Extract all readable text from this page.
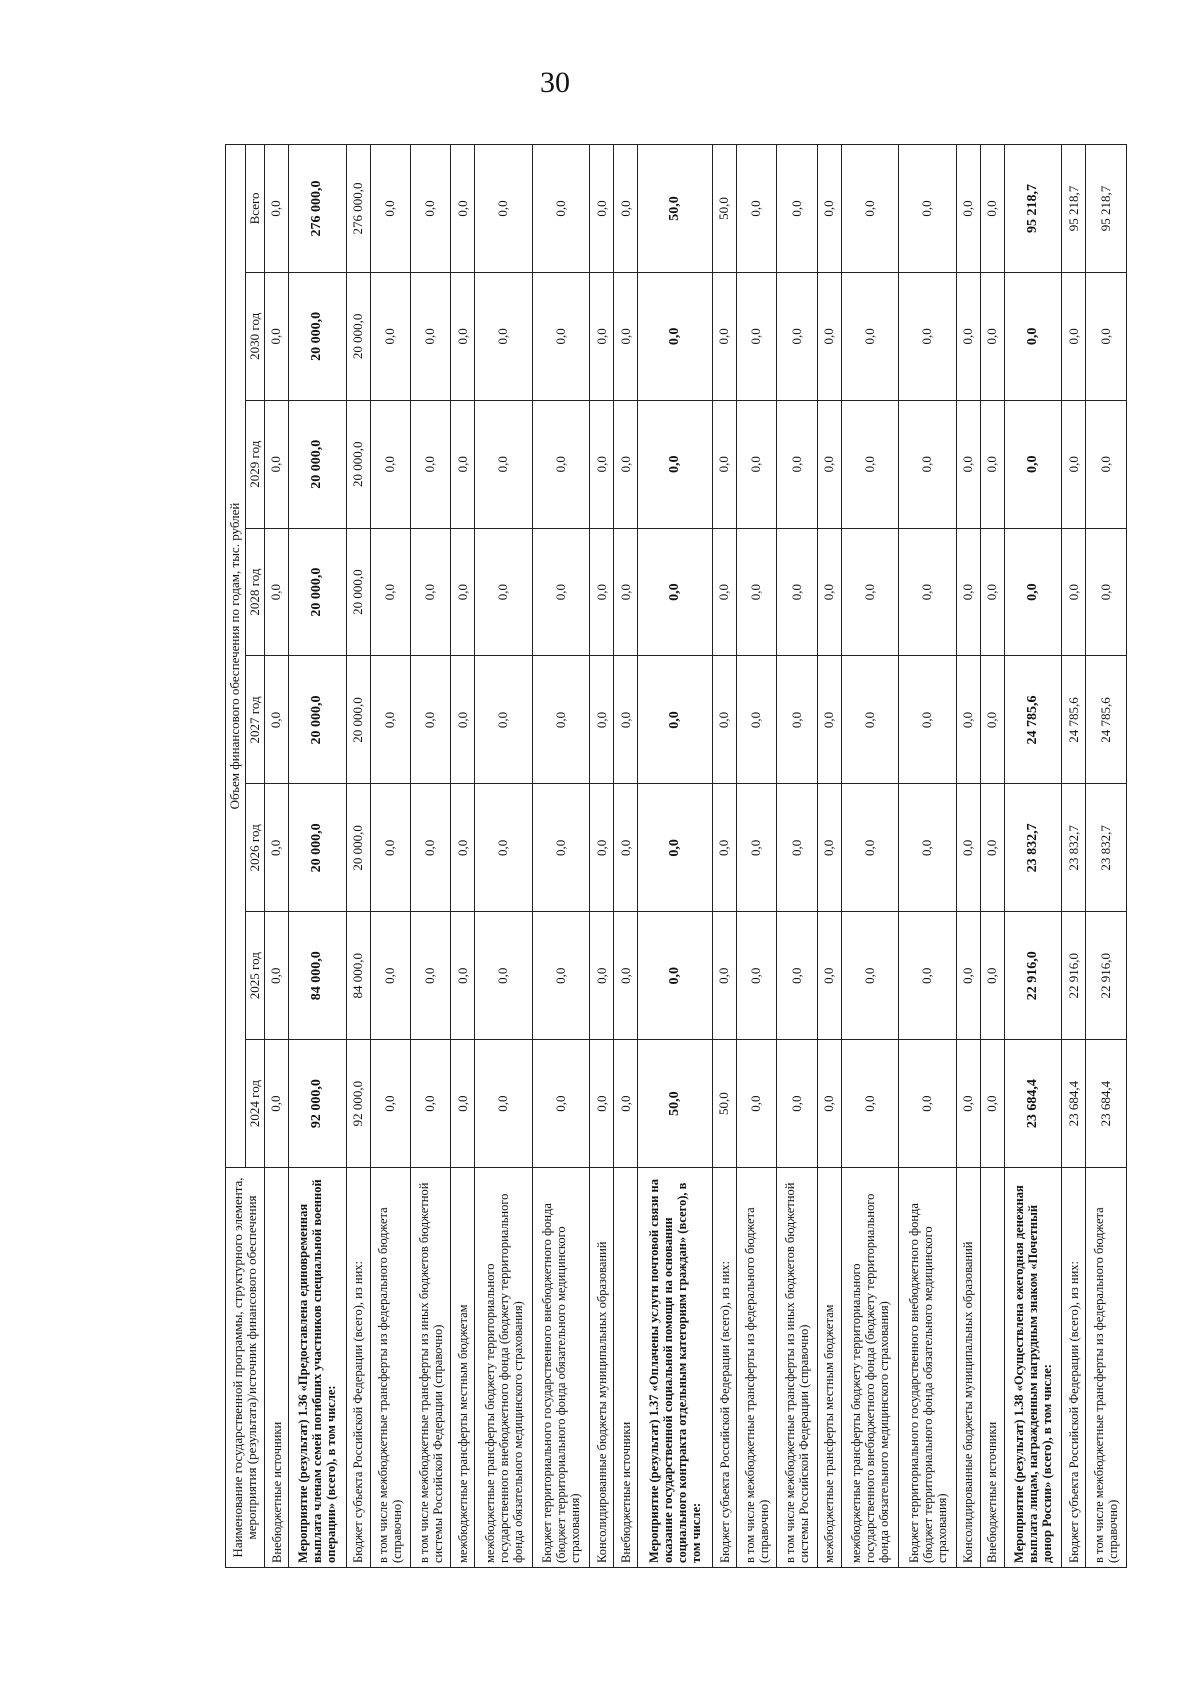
30
Наименование государственной программы, структурного элемента, мероприятия (результата)/источник финансового обеспечения	Объем финансового обеспечения по годам, тыс. рублей							
	2024 год	2025 год	2026 год	2027 год	2028 год	2029 год	2030 год	Всего
Внебюджетные источники	0,0	0,0	0,0	0,0	0,0	0,0	0,0	0,0
Мероприятие (результат) 1.36 «Предоставлена единовременная выплата членам семей погибших участников специальной военной операции» (всего), в том числе:	92 000,0	84 000,0	20 000,0	20 000,0	20 000,0	20 000,0	20 000,0	276 000,0
Бюджет субъекта Российской Федерации (всего), из них:	92 000,0	84 000,0	20 000,0	20 000,0	20 000,0	20 000,0	20 000,0	276 000,0
в том числе межбюджетные трансферты из федерального бюджета (справочно)	0,0	0,0	0,0	0,0	0,0	0,0	0,0	0,0
в том числе межбюджетные трансферты из иных бюджетов бюджетной системы Российской Федерации (справочно)	0,0	0,0	0,0	0,0	0,0	0,0	0,0	0,0
межбюджетные трансферты местным бюджетам	0,0	0,0	0,0	0,0	0,0	0,0	0,0	0,0
межбюджетные трансферты бюджету территориального государственного внебюджетного фонда (бюджету территориального фонда обязательного медицинского страхования)	0,0	0,0	0,0	0,0	0,0	0,0	0,0	0,0
Бюджет территориального государственного внебюджетного фонда (бюджет территориального фонда обязательного медицинского страхования)	0,0	0,0	0,0	0,0	0,0	0,0	0,0	0,0
Консолидированные бюджеты муниципальных образований	0,0	0,0	0,0	0,0	0,0	0,0	0,0	0,0
Внебюджетные источники	0,0	0,0	0,0	0,0	0,0	0,0	0,0	0,0
Мероприятие (результат) 1.37 «Оплачены услуги почтовой связи на оказание государственной социальной помощи на основании социального контракта отдельным категориям граждан» (всего), в том числе:	50,0	0,0	0,0	0,0	0,0	0,0	0,0	50,0
Бюджет субъекта Российской Федерации (всего), из них:	50,0	0,0	0,0	0,0	0,0	0,0	0,0	50,0
в том числе межбюджетные трансферты из федерального бюджета (справочно)	0,0	0,0	0,0	0,0	0,0	0,0	0,0	0,0
в том числе межбюджетные трансферты из иных бюджетов бюджетной системы Российской Федерации (справочно)	0,0	0,0	0,0	0,0	0,0	0,0	0,0	0,0
межбюджетные трансферты местным бюджетам	0,0	0,0	0,0	0,0	0,0	0,0	0,0	0,0
межбюджетные трансферты бюджету территориального государственного внебюджетного фонда (бюджету территориального фонда обязательного медицинского страхования)	0,0	0,0	0,0	0,0	0,0	0,0	0,0	0,0
Бюджет территориального государственного внебюджетного фонда (бюджет территориального фонда обязательного медицинского страхования)	0,0	0,0	0,0	0,0	0,0	0,0	0,0	0,0
Консолидированные бюджеты муниципальных образований	0,0	0,0	0,0	0,0	0,0	0,0	0,0	0,0
Внебюджетные источники	0,0	0,0	0,0	0,0	0,0	0,0	0,0	0,0
Мероприятие (результат) 1.38 «Осуществлена ежегодная денежная выплата лицам, награжденным нагрудным знаком «Почетный донор России» (всего), в том числе:	23 684,4	22 916,0	23 832,7	24 785,6	0,0	0,0	0,0	95 218,7
Бюджет субъекта Российской Федерации (всего), из них:	23 684,4	22 916,0	23 832,7	24 785,6	0,0	0,0	0,0	95 218,7
в том числе межбюджетные трансферты из федерального бюджета (справочно)	23 684,4	22 916,0	23 832,7	24 785,6	0,0	0,0	0,0	95 218,7
